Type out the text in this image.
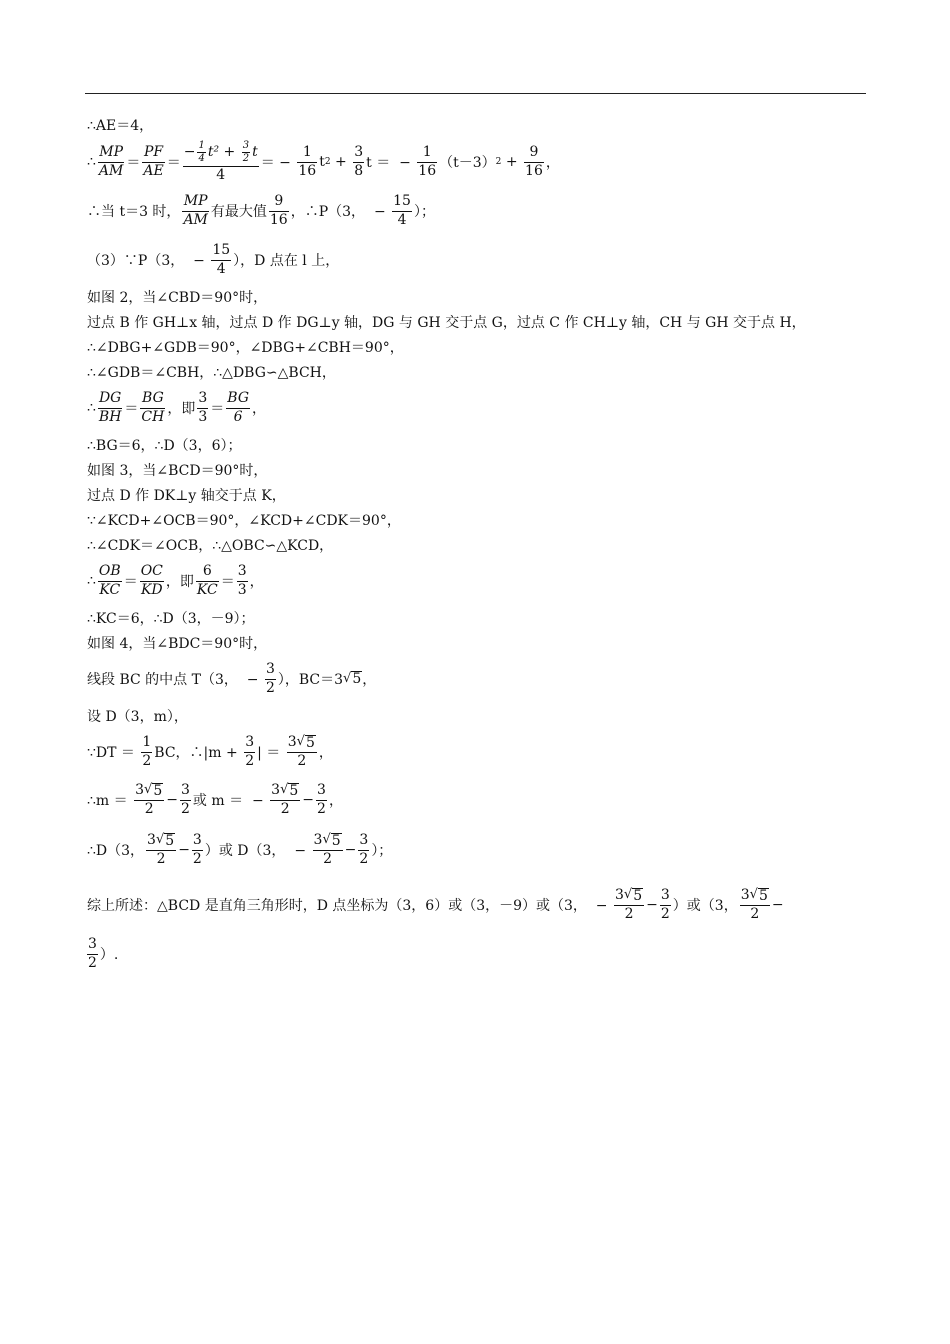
∴AE＝4，
∴ $\frac{MP}{AM} = \frac{PF}{AE} = \frac{- \frac{1}{4} t^2 + \frac{3}{2} t}{4}$ ＝ − $\frac{1}{16}$ t $2 + \frac{3}{8}$ t ＝  − $\frac{1}{16} (t-3) 2 + \frac{9}{16}$ ，
∴当 t＝3 时， $\frac{MP}{AM}$ 有最大值 $\frac{9}{16}$ ，∴P（3，  − $\frac{15}{4}$ ）；
（3）∵P（3，  − $\frac{15}{4}$ ），D 点在 l 上，
如图 2，当∠CBD＝90°时，
过点 B 作 GH⊥x 轴，过点 D 作 DG⊥y 轴，DG 与 GH 交于点 G，过点 C 作 CH⊥y 轴，CH 与 GH 交于点 H，
∴∠DBG+∠GDB＝90°，∠DBG+∠CBH＝90°，
∴∠GDB＝∠CBH，∴△DBG∽△BCH，
∴ $\frac{DG}{BH} = \frac{BG}{CH}$ ，即 $\frac{3}{3} = \frac{BG}{6}$ ，
∴BG＝6，∴D（3，6）；
如图 3，当∠BCD＝90°时，
过点 D 作 DK⊥y 轴交于点 K，
∵∠KCD+∠OCB＝90°，∠KCD+∠CDK＝90°，
∴∠CDK＝∠OCB，∴△OBC∽△KCD，
∴ $\frac{OB}{KC} = \frac{OC}{KD}$ ，即 $\frac{6}{KC} = \frac{3}{3}$ ，
∴KC＝6，∴D（3，－9）；
如图 4，当∠BDC＝90°时，
线段 BC 的中点 T（3，  − $\frac{3}{2}$ ），BC＝3 √ 5 ，
设 D（3，m），
∵DT ＝ $\frac{1}{2}$ BC，∴|m + $\frac{3}{2}$ | ＝ $\frac{3 √ 5}{2}$ ，
∴m ＝ $\frac{3 √ 5}{2} - \frac{3}{2}$ 或 m ＝  − $\frac{3 √ 5}{2} - \frac{3}{2}$ ，
∴D（3， $\frac{3 √ 5}{2} - \frac{3}{2}$ ）或 D（3，  − $\frac{3 √ 5}{2} - \frac{3}{2}$ ）；
综上所述：△BCD 是直角三角形时，D 点坐标为（3，6）或（3，－9）或（3，  − $\frac{3 √ 5}{2} - \frac{3}{2}$ ）或（3， $\frac{3 √ 5}{2}$ −
$\frac{3}{2}$ ）.
